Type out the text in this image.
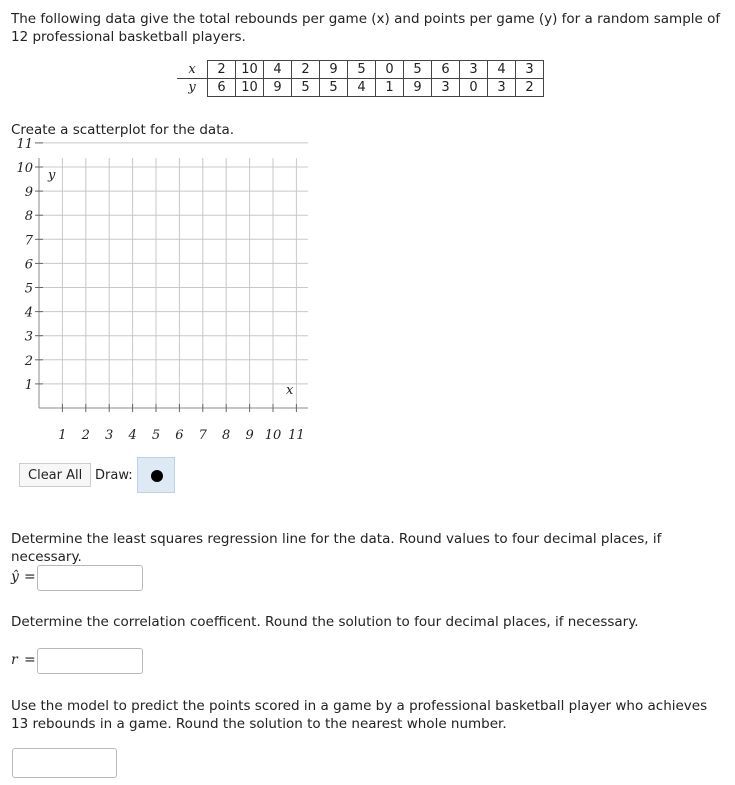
The following data give the total rebounds per game (x) and points per game (y) for a random sample of 12 professional basketball players.
x	2	10	4	2	9	5	0	5	6	3	4	3
y	6	10	9	5	5	4	1	9	3	0	3	2
Create a scatterplot for the data.
1
2
3
4
5
6
7
8
9
10
11
1 2 3 4 5 6 7 8 9 10 11
y
x
Clear All Draw:
Determine the least squares regression line for the data. Round values to four decimal places, if necessary.
ŷ =
Determine the correlation coefficent. Round the solution to four decimal places, if necessary.
r =
Use the model to predict the points scored in a game by a professional basketball player who achieves 13 rebounds in a game. Round the solution to the nearest whole number.
